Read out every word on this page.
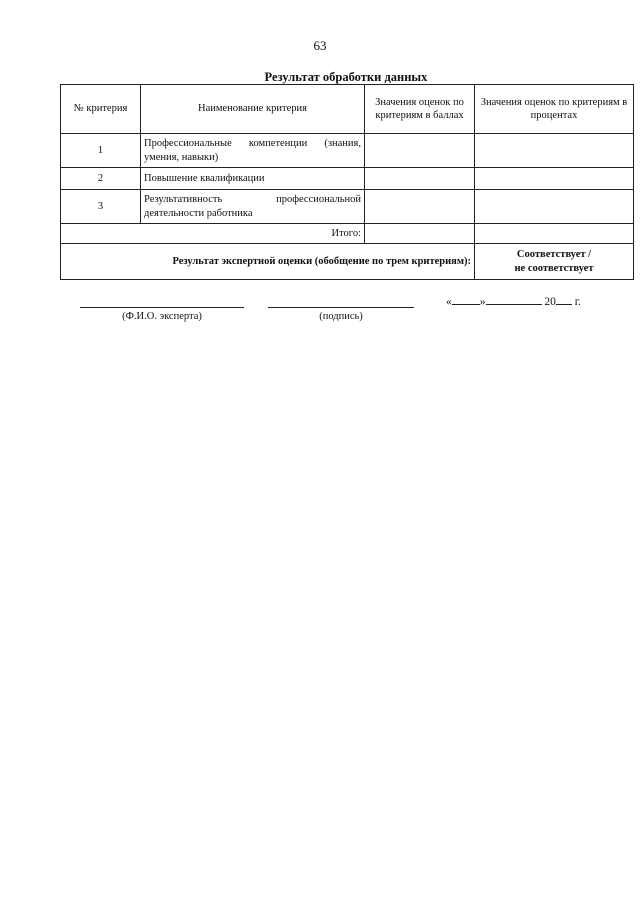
63
Результат обработки данных
№ критерия	Наименование критерия	Значения оценок по критериям в баллах	Значения оценок по критериям в процентах
1	Профессиональные компетенции (знания, умения, навыки)		
2	Повышение квалификации		
3	Результативность профессиональной деятельности работника		
Итого:			
Результат экспертной оценки (обобщение по трем критериям):			Соответствует /
не соответствует
(Ф.И.О. эксперта)	(подпись)
« »	20 г.
